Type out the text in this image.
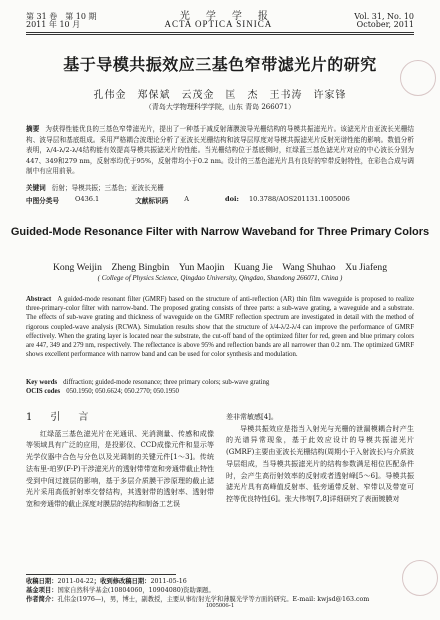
第 31 卷　第 10 期	光　学　学　报	Vol. 31, No. 10
2011 年 10 月	ACTA OPTICA SINICA	October, 2011
基于导模共振效应三基色窄带滤光片的研究
孔伟金　郑保斌　云茂金　匡　杰　王书涛　许家锋
（青岛大学物理科学学院，山东 青岛 266071）

摘要 为获得性能优良的三基色窄带滤光片，提出了一种基于减反射薄膜波导光栅结构的导模共振滤光片。该滤光片由亚波长光栅结构、波导层和基底组成。采用严格耦合波理论分析了亚波长光栅结构和波导层厚度对导模共振滤光片反射光谱性能的影响。数值分析表明，λ/4-λ/2-λ/4结构能有效提高导模共振滤光片的性能。当光栅结构位于基底侧时，红绿蓝三基色滤光片对应的中心波长分别为447、349和279 nm，反射率均优于95%，反射带均小于0.2 nm。设计的三基色滤光片具有良好的窄带反射特性，在彩色合成与调制中有应用前景。

关键词 衍射；导模共振；三基色；亚波长光栅

中图分类号 O436.1	文献标识码 A	doi: 10.3788/AOS201131.1005006
Guided-Mode Resonance Filter with Narrow Waveband for Three Primary Colors
Kong Weijin　Zheng Bingbin　Yun Maojin　Kuang Jie　Wang Shuhao　Xu Jiafeng
( College of Physics Science, Qingdao University, Qingdao, Shandong 266071, China )
Abstract A guided-mode resonant filter (GMRF) based on the structure of anti-reflection (AR) thin film waveguide is proposed to realize three-primary-color filter with narrow-band. The proposed grating consists of three parts: a sub-wave grating, a waveguide and a substrate. The effects of sub-wave grating and thickness of waveguide on the GMRF reflection spectrum are investigated in detail with the method of rigorous coupled-wave analysis (RCWA). Simulation results show that the structure of λ/4-λ/2-λ/4 can improve the performance of GMRF effectively. When the grating layer is located near the substrate, the cut-off band of the optimized filter for red, green and blue primary colors are 447, 349 and 279 nm, respectively. The reflectance is above 95% and reflection bands are all narrower than 0.2 nm. The optimized GMRF shows excellent performance with narrow band and can be used for color synthesis and modulation.
Key words diffraction; guided-mode resonance; three primary colors; sub-wave grating
OCIS codes 050.1950; 050.6624; 050.2770; 050.1950
1　引　言

红绿蓝三基色滤光片在光通讯、光消测量、传感和成像等领域具有广泛的应用，是投影仪、CCD成像元件和显示等光学仪器中合色与分色以及光调制的关键元件[1～3]。传统法布里-珀罗(F-P)干涉滤光片的透射带带宽和旁通带截止特性受到中间过渡层的影响，基于多层介质膜干涉原理的截止滤光片采用高低折射率交替结构，其透射带的透射率、透射带宽和旁通带的截止深度对膜层的结构和制备工艺误

差非常敏感[4]。

导模共振效应是指当入射光与光栅的泄漏模耦合时产生的光谱异常现象，基于此效应设计的导模共振滤光片(GMRF)主要由亚波长光栅结构(周期小于入射波长)与介质波导层组成，当导模共振滤光片的结构参数满足相位匹配条件时，会产生高衍射效率的反射或者透射峰[5～6]。导模共振滤光片具有高峰值反射率、低旁通带反射、窄带以及带宽可控等优良特性[6]。张大伟等[7,8]详细研究了表面镀膜对

收稿日期：2011-04-22；收到修改稿日期：2011-05-16
基金项目：国家自然科学基金(10804060，10904080)资助课题。
作者简介：孔伟金(1976—)，男，博士，副教授，主要从事衍射光学和薄膜光学等方面的研究。E-mail: kwjsd@163.com
1005006-1
